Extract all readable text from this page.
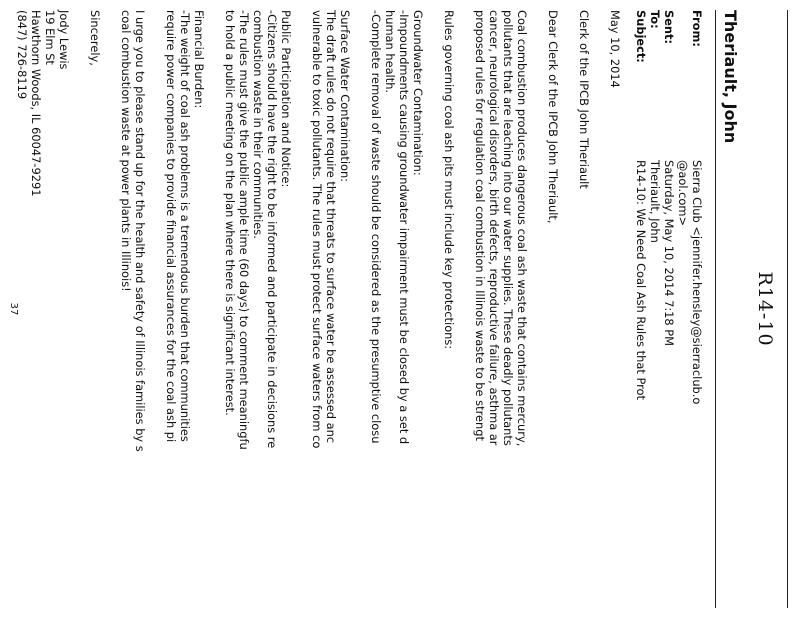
R14-10
Theriault, John
From:
Sierra Club <jennifer.hensley@sierraclub.o
@aol.com>
Sent:
Saturday, May 10, 2014 7:18 PM
To:
Theriault, John
Subject:
R14-10: We Need Coal Ash Rules that Prot

May 10, 2014

Clerk of the IPCB John Theriault

Dear Clerk of the IPCB John Theriault,

Coal combustion produces dangerous coal ash waste that contains mercury,
pollutants that are leaching into our water supplies. These deadly pollutants
cancer, neurological disorders, birth defects, reproductive failure, asthma ar
proposed rules for regulation coal combustion in Illinois waste to be strengt

Rules governing coal ash pits must include key protections:

Groundwater Contamination:
-Impoundments causing groundwater impairment must be closed by a set d
human health.
-Complete removal of waste should be considered as the presumptive closu
Surface Water Contamination:
The draft rules do not require that threats to surface water be assessed anc
vulnerable to toxic pollutants. The rules must protect surface waters from co
Public Participation and Notice:
-Citizens should have the right to be informed and participate in decisions re
combustion waste in their communities.
-The rules must give the public ample time (60 days) to comment meaningfu
to hold a public meeting on the plan where there is significant interest.
Financial Burden:
-The weight of coal ash problems is a tremendous burden that communities
require power companies to provide financial assurances for the coal ash pi
I urge you to please stand up for the health and safety of Illinois families by s
coal combustion waste at power plants in Illinois!

Sincerely,

Jody Lewis
19 Elm St
Hawthorn Woods, IL 60047-9291
(847) 726-8119
37
